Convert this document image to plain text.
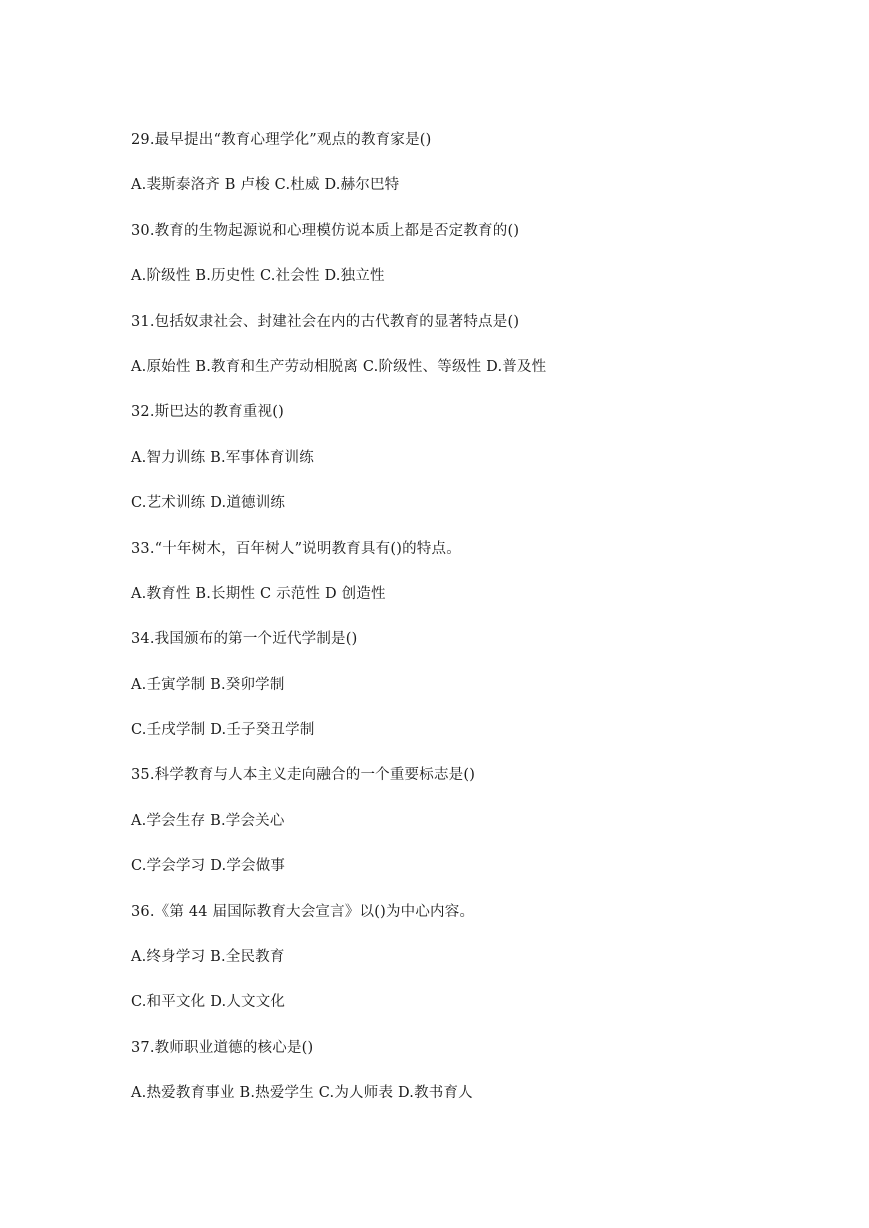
29.最早提出“教育心理学化”观点的教育家是()
A.裴斯泰洛齐 B 卢梭 C.杜威 D.赫尔巴特
30.教育的生物起源说和心理模仿说本质上都是否定教育的()
A.阶级性 B.历史性 C.社会性 D.独立性
31.包括奴隶社会、封建社会在内的古代教育的显著特点是()
A.原始性 B.教育和生产劳动相脱离 C.阶级性、等级性 D.普及性
32.斯巴达的教育重视()
A.智力训练 B.军事体育训练
C.艺术训练 D.道德训练
33.“十年树木，百年树人”说明教育具有()的特点。
A.教育性 B.长期性 C 示范性 D 创造性
34.我国颁布的第一个近代学制是()
A.壬寅学制 B.癸卯学制
C.壬戌学制 D.壬子癸丑学制
35.科学教育与人本主义走向融合的一个重要标志是()
A.学会生存 B.学会关心
C.学会学习 D.学会做事
36.《第 44 届国际教育大会宣言》以()为中心内容。
A.终身学习 B.全民教育
C.和平文化 D.人文文化
37.教师职业道德的核心是()
A.热爱教育事业 B.热爱学生 C.为人师表 D.教书育人
